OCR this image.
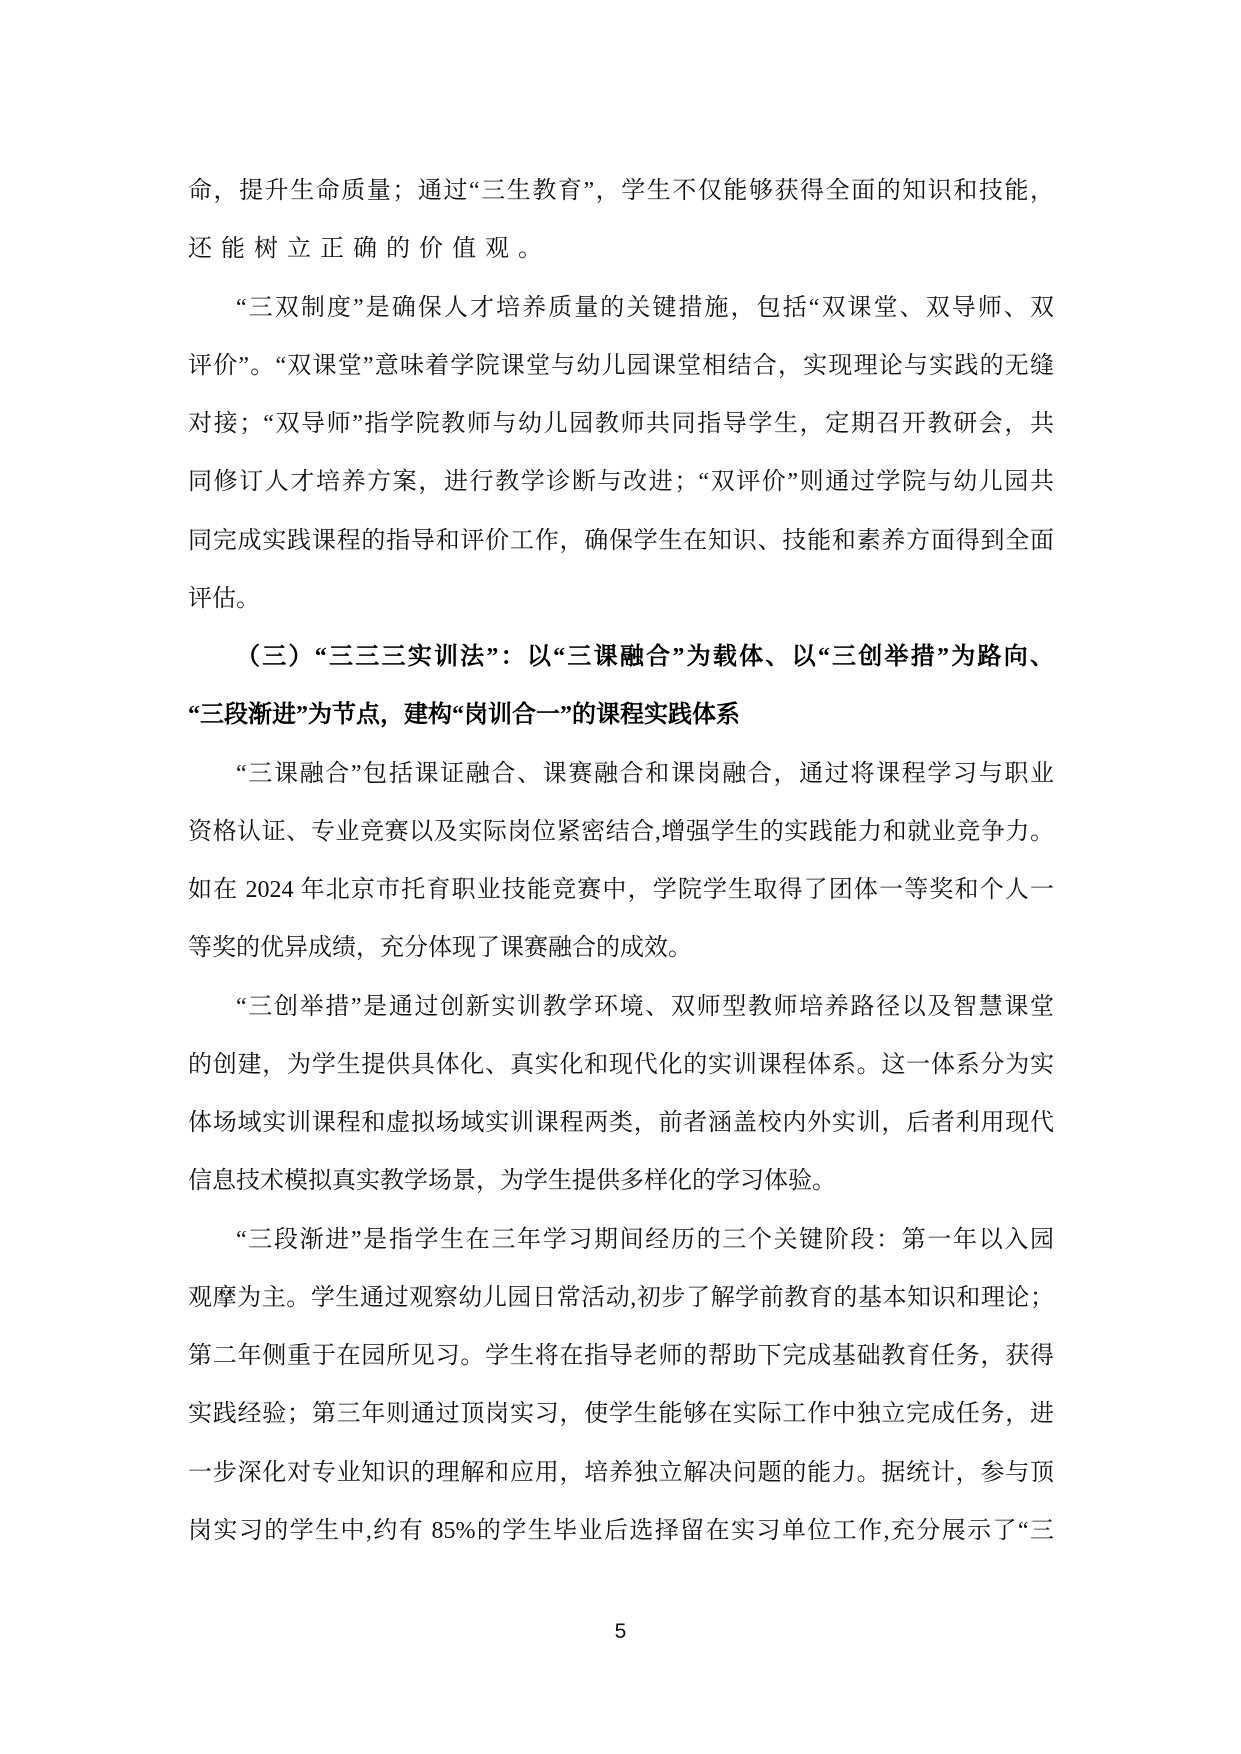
命，提升生命质量；通过“三生教育”，学生不仅能够获得全面的知识和技能，
还能树立正确的价值观。
“三双制度”是确保人才培养质量的关键措施，包括“双课堂、双导师、双
评价”。“双课堂”意味着学院课堂与幼儿园课堂相结合，实现理论与实践的无缝
对接；“双导师”指学院教师与幼儿园教师共同指导学生，定期召开教研会，共
同修订人才培养方案，进行教学诊断与改进；“双评价”则通过学院与幼儿园共
同完成实践课程的指导和评价工作，确保学生在知识、技能和素养方面得到全面
评估。
（三）“三三三实训法”：以“三课融合”为载体、以“三创举措”为路向、
“三段渐进”为节点，建构“岗训合一”的课程实践体系
“三课融合”包括课证融合、课赛融合和课岗融合，通过将课程学习与职业
资格认证、专业竞赛以及实际岗位紧密结合,增强学生的实践能力和就业竞争力。
如在 2024 年北京市托育职业技能竞赛中，学院学生取得了团体一等奖和个人一
等奖的优异成绩，充分体现了课赛融合的成效。
“三创举措”是通过创新实训教学环境、双师型教师培养路径以及智慧课堂
的创建，为学生提供具体化、真实化和现代化的实训课程体系。这一体系分为实
体场域实训课程和虚拟场域实训课程两类，前者涵盖校内外实训，后者利用现代
信息技术模拟真实教学场景，为学生提供多样化的学习体验。
“三段渐进”是指学生在三年学习期间经历的三个关键阶段：第一年以入园
观摩为主。学生通过观察幼儿园日常活动,初步了解学前教育的基本知识和理论；
第二年侧重于在园所见习。学生将在指导老师的帮助下完成基础教育任务，获得
实践经验；第三年则通过顶岗实习，使学生能够在实际工作中独立完成任务，进
一步深化对专业知识的理解和应用，培养独立解决问题的能力。据统计，参与顶
岗实习的学生中,约有 85%的学生毕业后选择留在实习单位工作,充分展示了“三
5
